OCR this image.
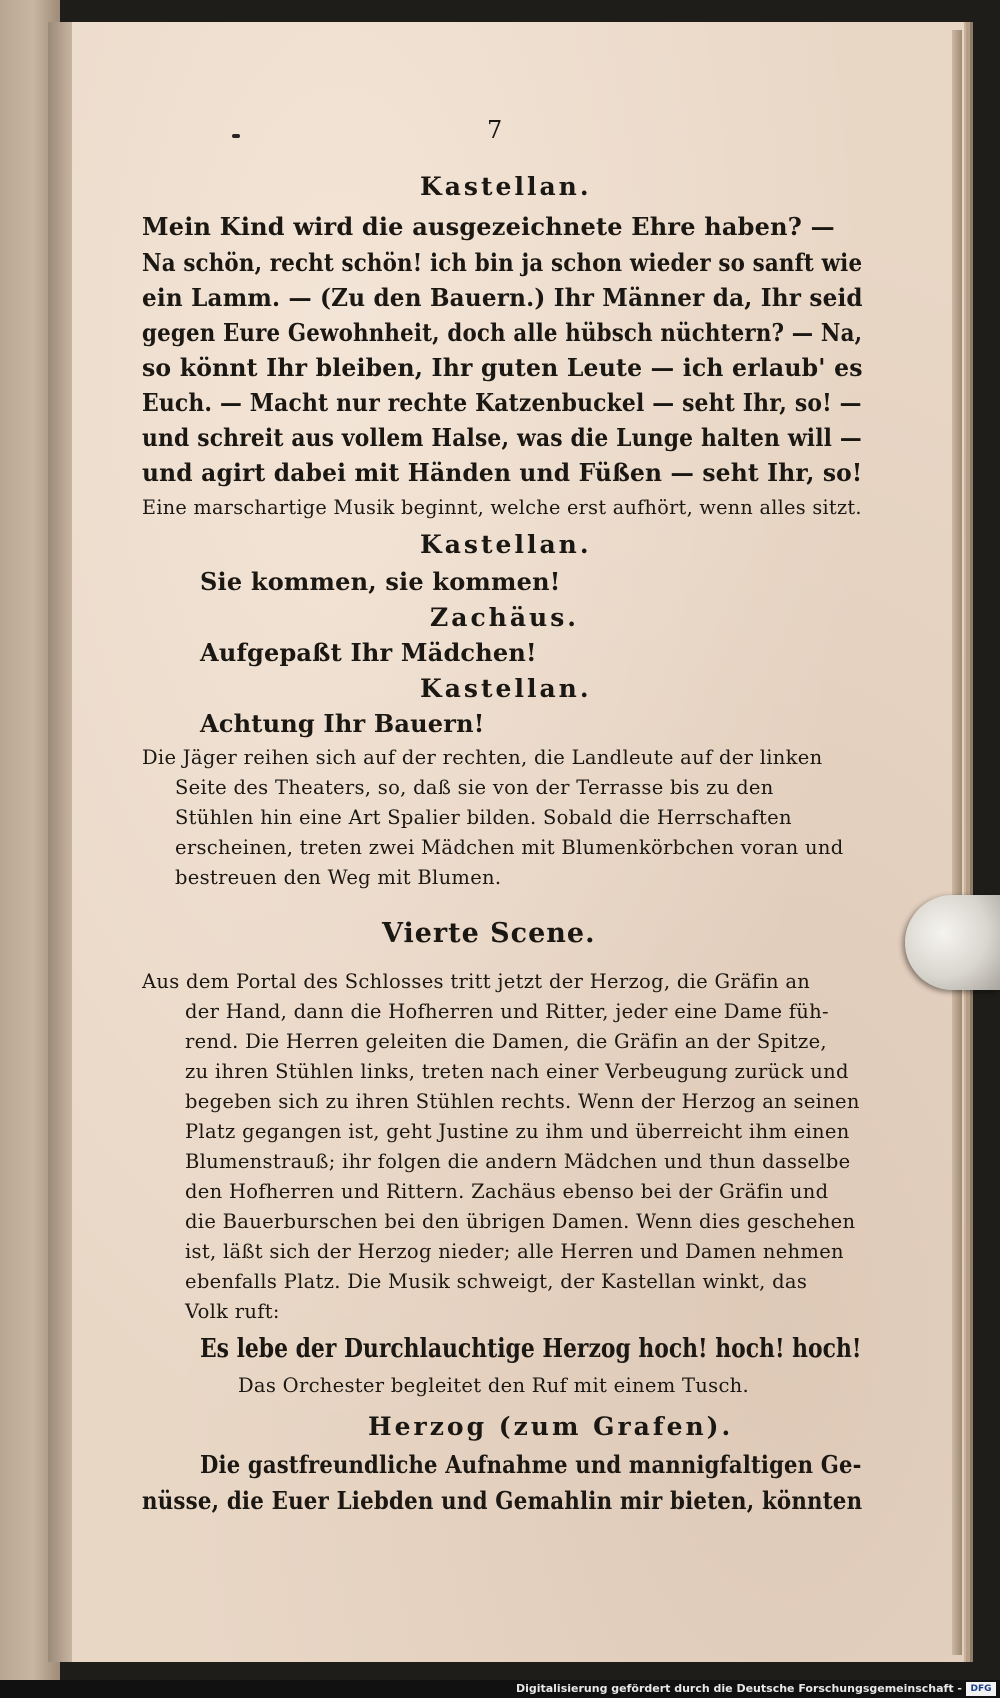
7
Kastellan.
Mein Kind wird die ausgezeichnete Ehre haben? —
Na schön, recht schön! ich bin ja schon wieder so sanft wie
ein Lamm. — (Zu den Bauern.) Ihr Männer da, Ihr seid
gegen Eure Gewohnheit, doch alle hübsch nüchtern? — Na,
so könnt Ihr bleiben, Ihr guten Leute — ich erlaub' es
Euch. — Macht nur rechte Katzenbuckel — seht Ihr, so! —
und schreit aus vollem Halse, was die Lunge halten will —
und agirt dabei mit Händen und Füßen — seht Ihr, so!
Eine marschartige Musik beginnt, welche erst aufhört, wenn alles sitzt.
Kastellan.
Sie kommen, sie kommen!
Zachäus.
Aufgepaßt Ihr Mädchen!
Kastellan.
Achtung Ihr Bauern!
Die Jäger reihen sich auf der rechten, die Landleute auf der linken
Seite des Theaters, so, daß sie von der Terrasse bis zu den
Stühlen hin eine Art Spalier bilden. Sobald die Herrschaften
erscheinen, treten zwei Mädchen mit Blumenkörbchen voran und
bestreuen den Weg mit Blumen.
Vierte Scene.
Aus dem Portal des Schlosses tritt jetzt der Herzog, die Gräfin an
der Hand, dann die Hofherren und Ritter, jeder eine Dame füh-
rend. Die Herren geleiten die Damen, die Gräfin an der Spitze,
zu ihren Stühlen links, treten nach einer Verbeugung zurück und
begeben sich zu ihren Stühlen rechts. Wenn der Herzog an seinen
Platz gegangen ist, geht Justine zu ihm und überreicht ihm einen
Blumenstrauß; ihr folgen die andern Mädchen und thun dasselbe
den Hofherren und Rittern. Zachäus ebenso bei der Gräfin und
die Bauerburschen bei den übrigen Damen. Wenn dies geschehen
ist, läßt sich der Herzog nieder; alle Herren und Damen nehmen
ebenfalls Platz. Die Musik schweigt, der Kastellan winkt, das
Volk ruft:
Es lebe der Durchlauchtige Herzog hoch! hoch! hoch!
Das Orchester begleitet den Ruf mit einem Tusch.
Herzog (zum Grafen).
Die gastfreundliche Aufnahme und mannigfaltigen Ge-
nüsse, die Euer Liebden und Gemahlin mir bieten, könnten
Digitalisierung gefördert durch die Deutsche Forschungsgemeinschaft - DFG
